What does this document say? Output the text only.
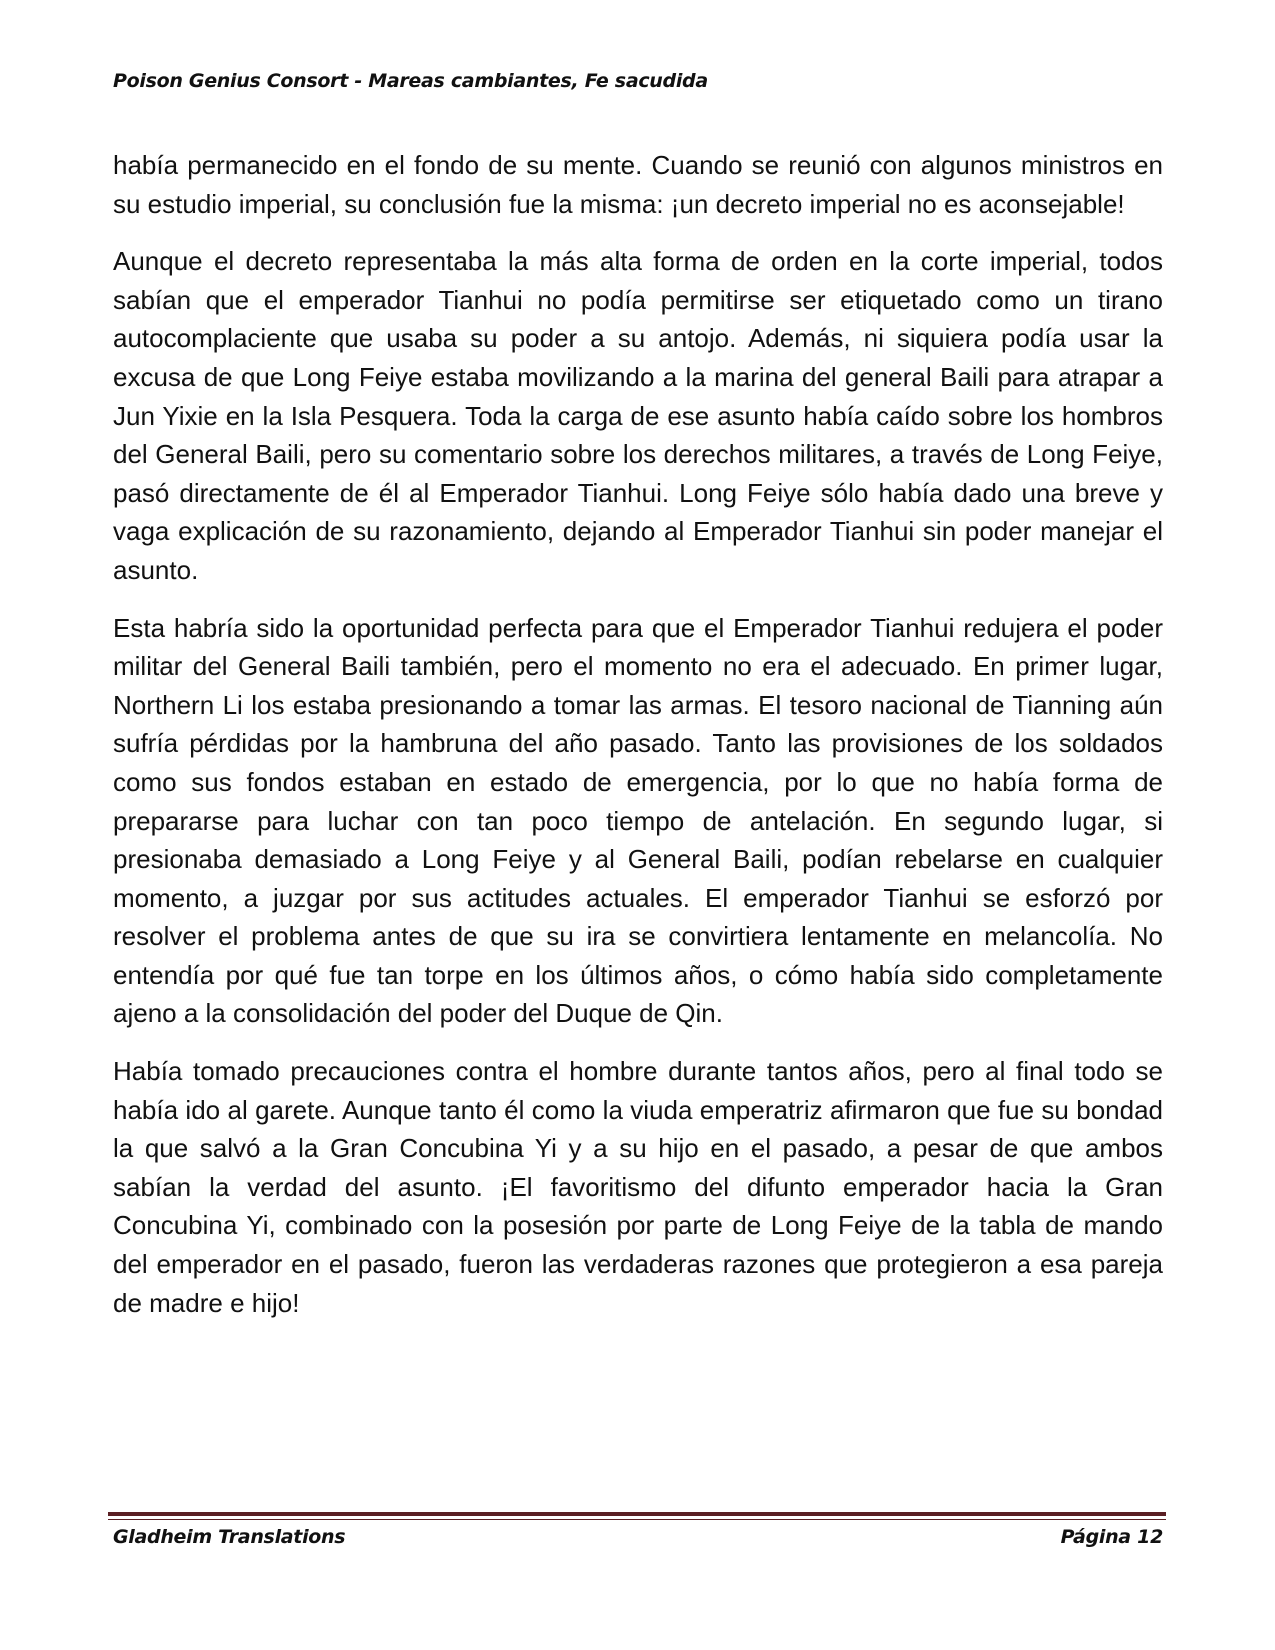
Poison Genius Consort - Mareas cambiantes, Fe sacudida

había permanecido en el fondo de su mente. Cuando se reunió con algunos ministros en su estudio imperial, su conclusión fue la misma: ¡un decreto imperial no es aconsejable!

Aunque el decreto representaba la más alta forma de orden en la corte imperial, todos sabían que el emperador Tianhui no podía permitirse ser etiquetado como un tirano autocomplaciente que usaba su poder a su antojo. Además, ni siquiera podía usar la excusa de que Long Feiye estaba movilizando a la marina del general Baili para atrapar a Jun Yixie en la Isla Pesquera. Toda la carga de ese asunto había caído sobre los hombros del General Baili, pero su comentario sobre los derechos militares, a través de Long Feiye, pasó directamente de él al Emperador Tianhui. Long Feiye sólo había dado una breve y vaga explicación de su razonamiento, dejando al Emperador Tianhui sin poder manejar el asunto.

Esta habría sido la oportunidad perfecta para que el Emperador Tianhui redujera el poder militar del General Baili también, pero el momento no era el adecuado. En primer lugar, Northern Li los estaba presionando a tomar las armas. El tesoro nacional de Tianning aún sufría pérdidas por la hambruna del año pasado. Tanto las provisiones de los soldados como sus fondos estaban en estado de emergencia, por lo que no había forma de prepararse para luchar con tan poco tiempo de antelación. En segundo lugar, si presionaba demasiado a Long Feiye y al General Baili, podían rebelarse en cualquier momento, a juzgar por sus actitudes actuales. El emperador Tianhui se esforzó por resolver el problema antes de que su ira se convirtiera lentamente en melancolía. No entendía por qué fue tan torpe en los últimos años, o cómo había sido completamente ajeno a la consolidación del poder del Duque de Qin.

Había tomado precauciones contra el hombre durante tantos años, pero al final todo se había ido al garete. Aunque tanto él como la viuda emperatriz afirmaron que fue su bondad la que salvó a la Gran Concubina Yi y a su hijo en el pasado, a pesar de que ambos sabían la verdad del asunto. ¡El favoritismo del difunto emperador hacia la Gran Concubina Yi, combinado con la posesión por parte de Long Feiye de la tabla de mando del emperador en el pasado, fueron las verdaderas razones que protegieron a esa pareja de madre e hijo!

Gladheim Translations	Página 12
